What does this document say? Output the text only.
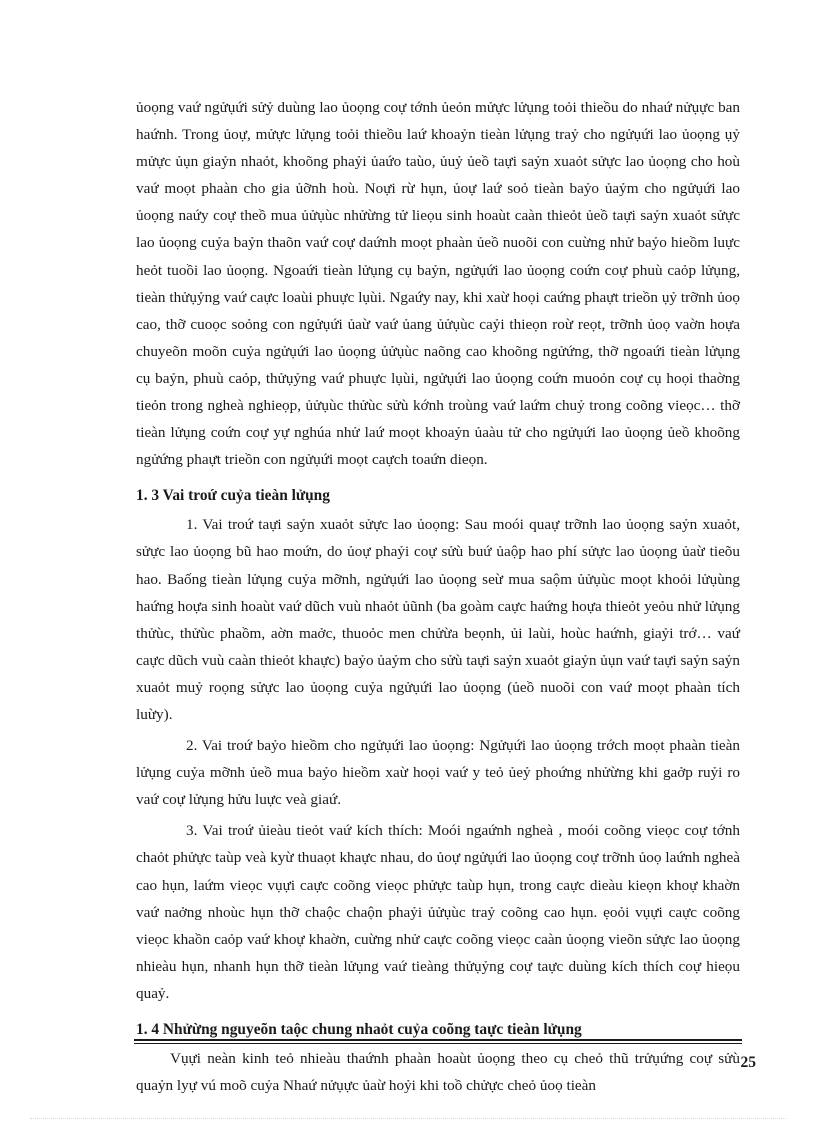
ủoọng vaứ ngửụứi sửỷ duùng lao ủoọng coự tớnh ủeỏn mửực lửụng toỏi thieồu do nhaứ nửụực ban haứnh. Trong ủoự, mửực lửụng toỏi thieồu laứ khoaỷn tieàn lửụng traỷ cho ngửụứi lao ủoọng ụỷ mửực ủụn giaỷn nhaỏt, khoõng phaỷi ủaứo taùo, ủuỷ ủeồ taựi saỷn xuaỏt sửực lao ủoọng cho hoù vaứ moọt phaàn cho gia ủỡnh hoù. Noựi rừ hụn, ủoự laứ soỏ tieàn baỷo ủaỷm cho ngửụứi lao ủoọng naứy coự theồ mua ủửụùc nhửừng tử lieọu sinh hoaùt caàn thieỏt ủeồ taựi saỷn xuaỏt sửực lao ủoọng cuỷa baỷn thaõn vaứ coự daứnh moọt phaàn ủeồ nuoõi con cuừng nhử baỷo hieồm luực heỏt tuoồi lao ủoọng. Ngoaứi tieàn lửụng cụ baỷn, ngửụứi lao ủoọng coứn coự phuù caỏp lửụng, tieàn thửụỷng vaứ caực loaùi phuực lụùi. Ngaứy nay, khi xaừ hoọi caứng phaựt trieồn ụỷ trỡnh ủoọ cao, thỡ cuoọc soỏng con ngửụứi ủaừ vaứ ủang ủửụùc caỷi thieọn roừ reọt, trỡnh ủoọ vaờn hoựa chuyeõn moõn cuỷa ngửụứi lao ủoọng ủửụùc naõng cao khoõng ngửứng, thỡ ngoaứi tieàn lửụng cụ baỷn, phuù caỏp, thửụỷng vaứ phuực lụùi, ngửụứi lao ủoọng coứn muoỏn coự cụ hoọi thaờng tieỏn trong ngheà nghieọp, ủửụùc thửùc sửù kớnh troùng vaứ laứm chuỷ trong coõng vieọc… thỡ tieàn lửụng coứn coự yự nghúa nhử laứ moọt khoaỷn ủaàu tử cho ngửụứi lao ủoọng ủeồ khoõng ngửứng phaựt trieồn con ngửụứi moọt caựch toaứn dieọn.

1. 3 Vai troứ cuỷa tieàn lửụng

1. Vai troứ taựi saỷn xuaỏt sửực lao ủoọng: Sau moói quaự trỡnh lao ủoọng saỷn xuaỏt, sửực lao ủoọng bũ hao moứn, do ủoự phaỷi coự sửù buứ ủaộp hao phí sửực lao ủoọng ủaừ tieõu hao. Baống tieàn lửụng cuỷa mỡnh, ngửụứi lao ủoọng seừ mua saộm ủửụùc moọt khoỏi lửụùng haứng hoựa sinh hoaùt vaứ dũch vuù nhaỏt ủũnh (ba goàm caực haứng hoựa thieỏt yeỏu nhử lửụng thửùc, thửùc phaồm, aờn maởc, thuoỏc men chửừa beọnh, ủi laùi, hoùc haứnh, giaỷi trớ… vaứ caực dũch vuù caàn thieỏt khaực) baỷo ủaỷm cho sửù taựi saỷn xuaỏt giaỷn ủụn vaứ taựi saỷn saỷn xuaỏt muỷ roọng sửực lao ủoọng cuỷa ngửụứi lao ủoọng (ủeồ nuoõi con vaứ moọt phaàn tích luừy).

2. Vai troứ baỷo hieồm cho ngửụứi lao ủoọng: Ngửụứi lao ủoọng trớch moọt phaàn tieàn lửụng cuỷa mỡnh ủeồ mua baỷo hieồm xaừ hoọi vaứ y teỏ ủeỷ phoứng nhửừng khi gaởp ruỷi ro vaứ coự lửụng hửu luực veà giaứ.

3. Vai troứ ủieàu tieỏt vaứ kích thích: Moói ngaứnh ngheà , moói coõng vieọc coự tớnh chaỏt phửực taùp veà kyừ thuaọt khaực nhau, do ủoự ngửụứi lao ủoọng coự trỡnh ủoọ laứnh ngheà cao hụn, laứm vieọc vụựi caực coõng vieọc phửực taùp hụn, trong caực dieàu kieọn khoự khaờn vaứ naởng nhoùc hụn thỡ chaộc chaộn phaỷi ủửụùc traỷ coõng cao hụn. ẹoỏi vụựi caực coõng vieọc khaồn caỏp vaứ khoự khaờn, cuừng nhử caực coõng vieọc caàn ủoọng vieõn sửực lao ủoọng nhieàu hụn, nhanh hụn thỡ tieàn lửụng vaứ tieàng thửụỷng coự taực duùng kích thích coự hieọu quaỷ.

1. 4 Nhửừng nguyeõn taộc chung nhaỏt cuỷa coõng taực tieàn lửụng

Vụựi neàn kinh teỏ nhieàu thaứnh phaàn hoaùt ủoọng theo cụ cheỏ thũ trửụứng coự sửù quaỷn lyự vú moõ cuỷa Nhaứ nửụực ủaừ hoỷi khi toồ chửực cheỏ ủoọ tieàn

25
